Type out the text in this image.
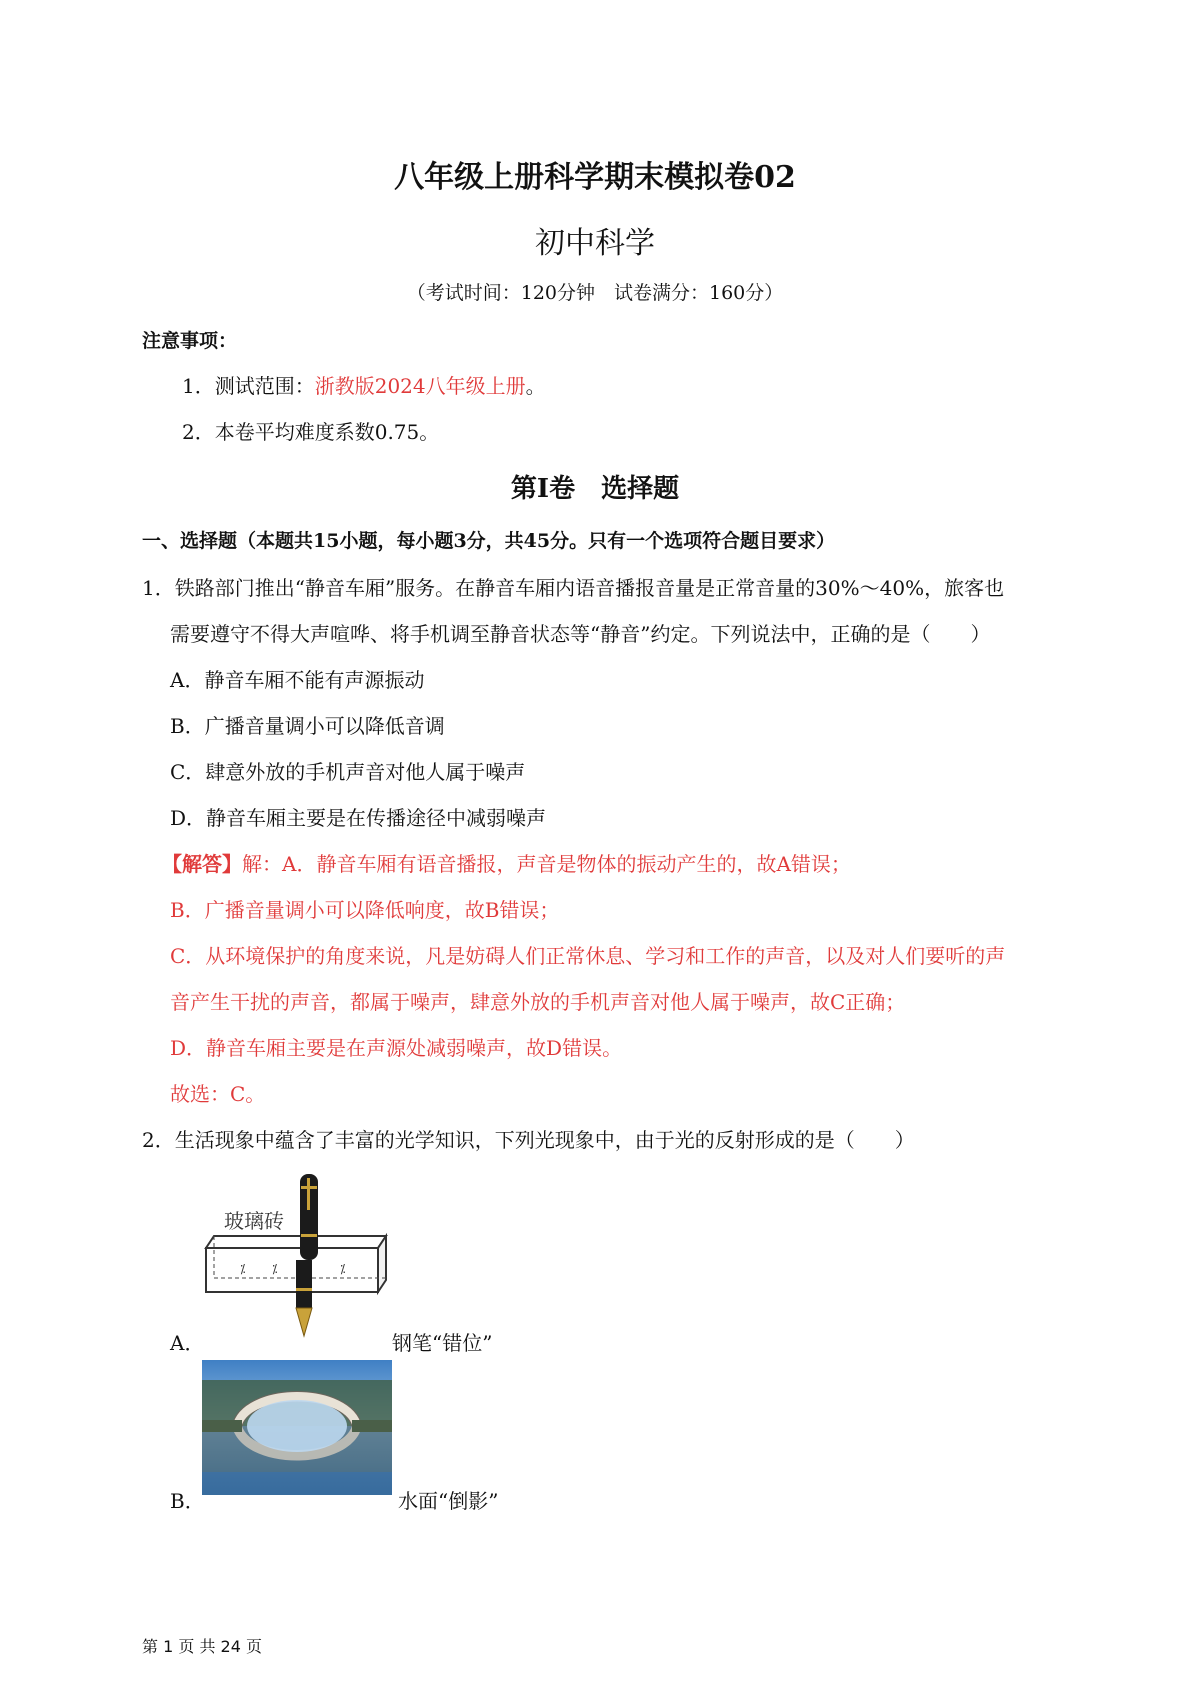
八年级上册科学期末模拟卷02
初中科学
（考试时间：120分钟　试卷满分：160分）
注意事项：
1．测试范围：浙教版2024八年级上册。
2．本卷平均难度系数0.75。
第Ⅰ卷　选择题
一、选择题（本题共15小题，每小题3分，共45分。只有一个选项符合题目要求）
1．铁路部门推出“静音车厢”服务。在静音车厢内语音播报音量是正常音量的30%～40%，旅客也
需要遵守不得大声喧哗、将手机调至静音状态等“静音”约定。下列说法中，正确的是（　　）
A．静音车厢不能有声源振动
B．广播音量调小可以降低音调
C．肆意外放的手机声音对他人属于噪声
D．静音车厢主要是在传播途径中减弱噪声
【解答】解：A．静音车厢有语音播报，声音是物体的振动产生的，故A错误；
B．广播音量调小可以降低响度，故B错误；
C．从环境保护的角度来说，凡是妨碍人们正常休息、学习和工作的声音，以及对人们要听的声
音产生干扰的声音，都属于噪声，肆意外放的手机声音对他人属于噪声，故C正确；
D．静音车厢主要是在声源处减弱噪声，故D错误。
故选：C。
2．生活现象中蕴含了丰富的光学知识，下列光现象中，由于光的反射形成的是（　　）
玻璃砖
⁒ ⁒	⁒
A．	钢笔“错位”
B．	水面“倒影”
第 1 页 共 24 页
